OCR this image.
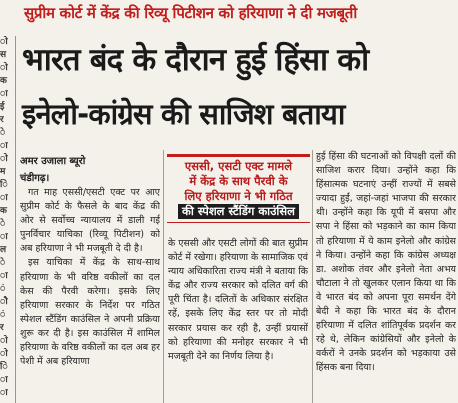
ो
स
ो
क
ा
ई
र
े
ा
ो
म
ि
ा
क
े
ा
ल
े
ा
ं
ौ
ं
र
ो
ो
ि
ा
ा
सुप्रीम कोर्ट में केंद्र की रिव्यू पिटीशन को हरियाणा ने दी मजबूती
भारत बंद के दौरान हुई हिंसा को
इनेलो-कांग्रेस की साजिश बताया
अमर उजाला ब्यूरो
चंडीगढ़।

गत माह एससी/एसटी एक्ट पर आए सुप्रीम कोर्ट के फैसले के बाद केंद्र की ओर से सर्वोच्च न्यायालय में डाली गई पुनर्विचार याचिका (रिव्यू पिटीशन) को अब हरियाणा ने भी मजबूती दे दी है।

इस याचिका में केंद्र के साथ-साथ हरियाणा के भी वरिष्ठ वकीलों का दल केस की पैरवी करेगा। इसके लिए हरियाणा सरकार के निर्देश पर गठित स्पेशल स्टैंडिंग काउंसिल ने अपनी प्रक्रिया शुरू कर दी है। इस काउंसिल में शामिल हरियाणा के वरिष्ठ वकीलों का दल अब हर पेशी में अब हरियाणा

एससी, एसटी एक्ट मामले
में केंद्र के साथ पैरवी के
लिए हरियाणा ने भी गठित
की स्पेशल स्टैंडिंग काउंसिल

के एससी और एसटी लोगों की बात सुप्रीम कोर्ट में रखेगा। हरियाणा के सामाजिक एवं न्याय अधिकारिता राज्य मंत्री ने बताया कि केंद्र और राज्य सरकार को दलित वर्ग की पूरी चिंता है। दलितों के अधिकार संरक्षित रहें, इसके लिए केंद्र स्तर पर तो मोदी सरकार प्रयास कर रही है, उन्हीं प्रयासों को हरियाणा की मनोहर सरकार ने भी मजबूती देने का निर्णय लिया है।

हुई हिंसा की घटनाओं को विपक्षी दलों की साजिश करार दिया। उन्होंने कहा कि हिंसात्मक घटनाएं उन्हीं राज्यों में सबसे ज्यादा हुईं, जहां-जहां भाजपा की सरकार थी। उन्होंने कहा कि यूपी में बसपा और सपा ने हिंसा को भड़काने का काम किया तो हरियाणा में ये काम इनेलो और कांग्रेस ने किया। उन्होंने कहा कि कांग्रेस अध्यक्ष डा. अशोक तंवर और इनेलो नेता अभय चौटाला ने तो खुलकर एलान किया था कि वे भारत बंद को अपना पूरा समर्थन देंगे बेदी ने कहा कि भारत बंद के दौरान हरियाणा में दलित शांतिपूर्वक प्रदर्शन कर रहे थे, लेकिन कांग्रेसियों और इनेलो के वर्करों ने उनके प्रदर्शन को भड़काया उसे हिंसक बना दिया।
